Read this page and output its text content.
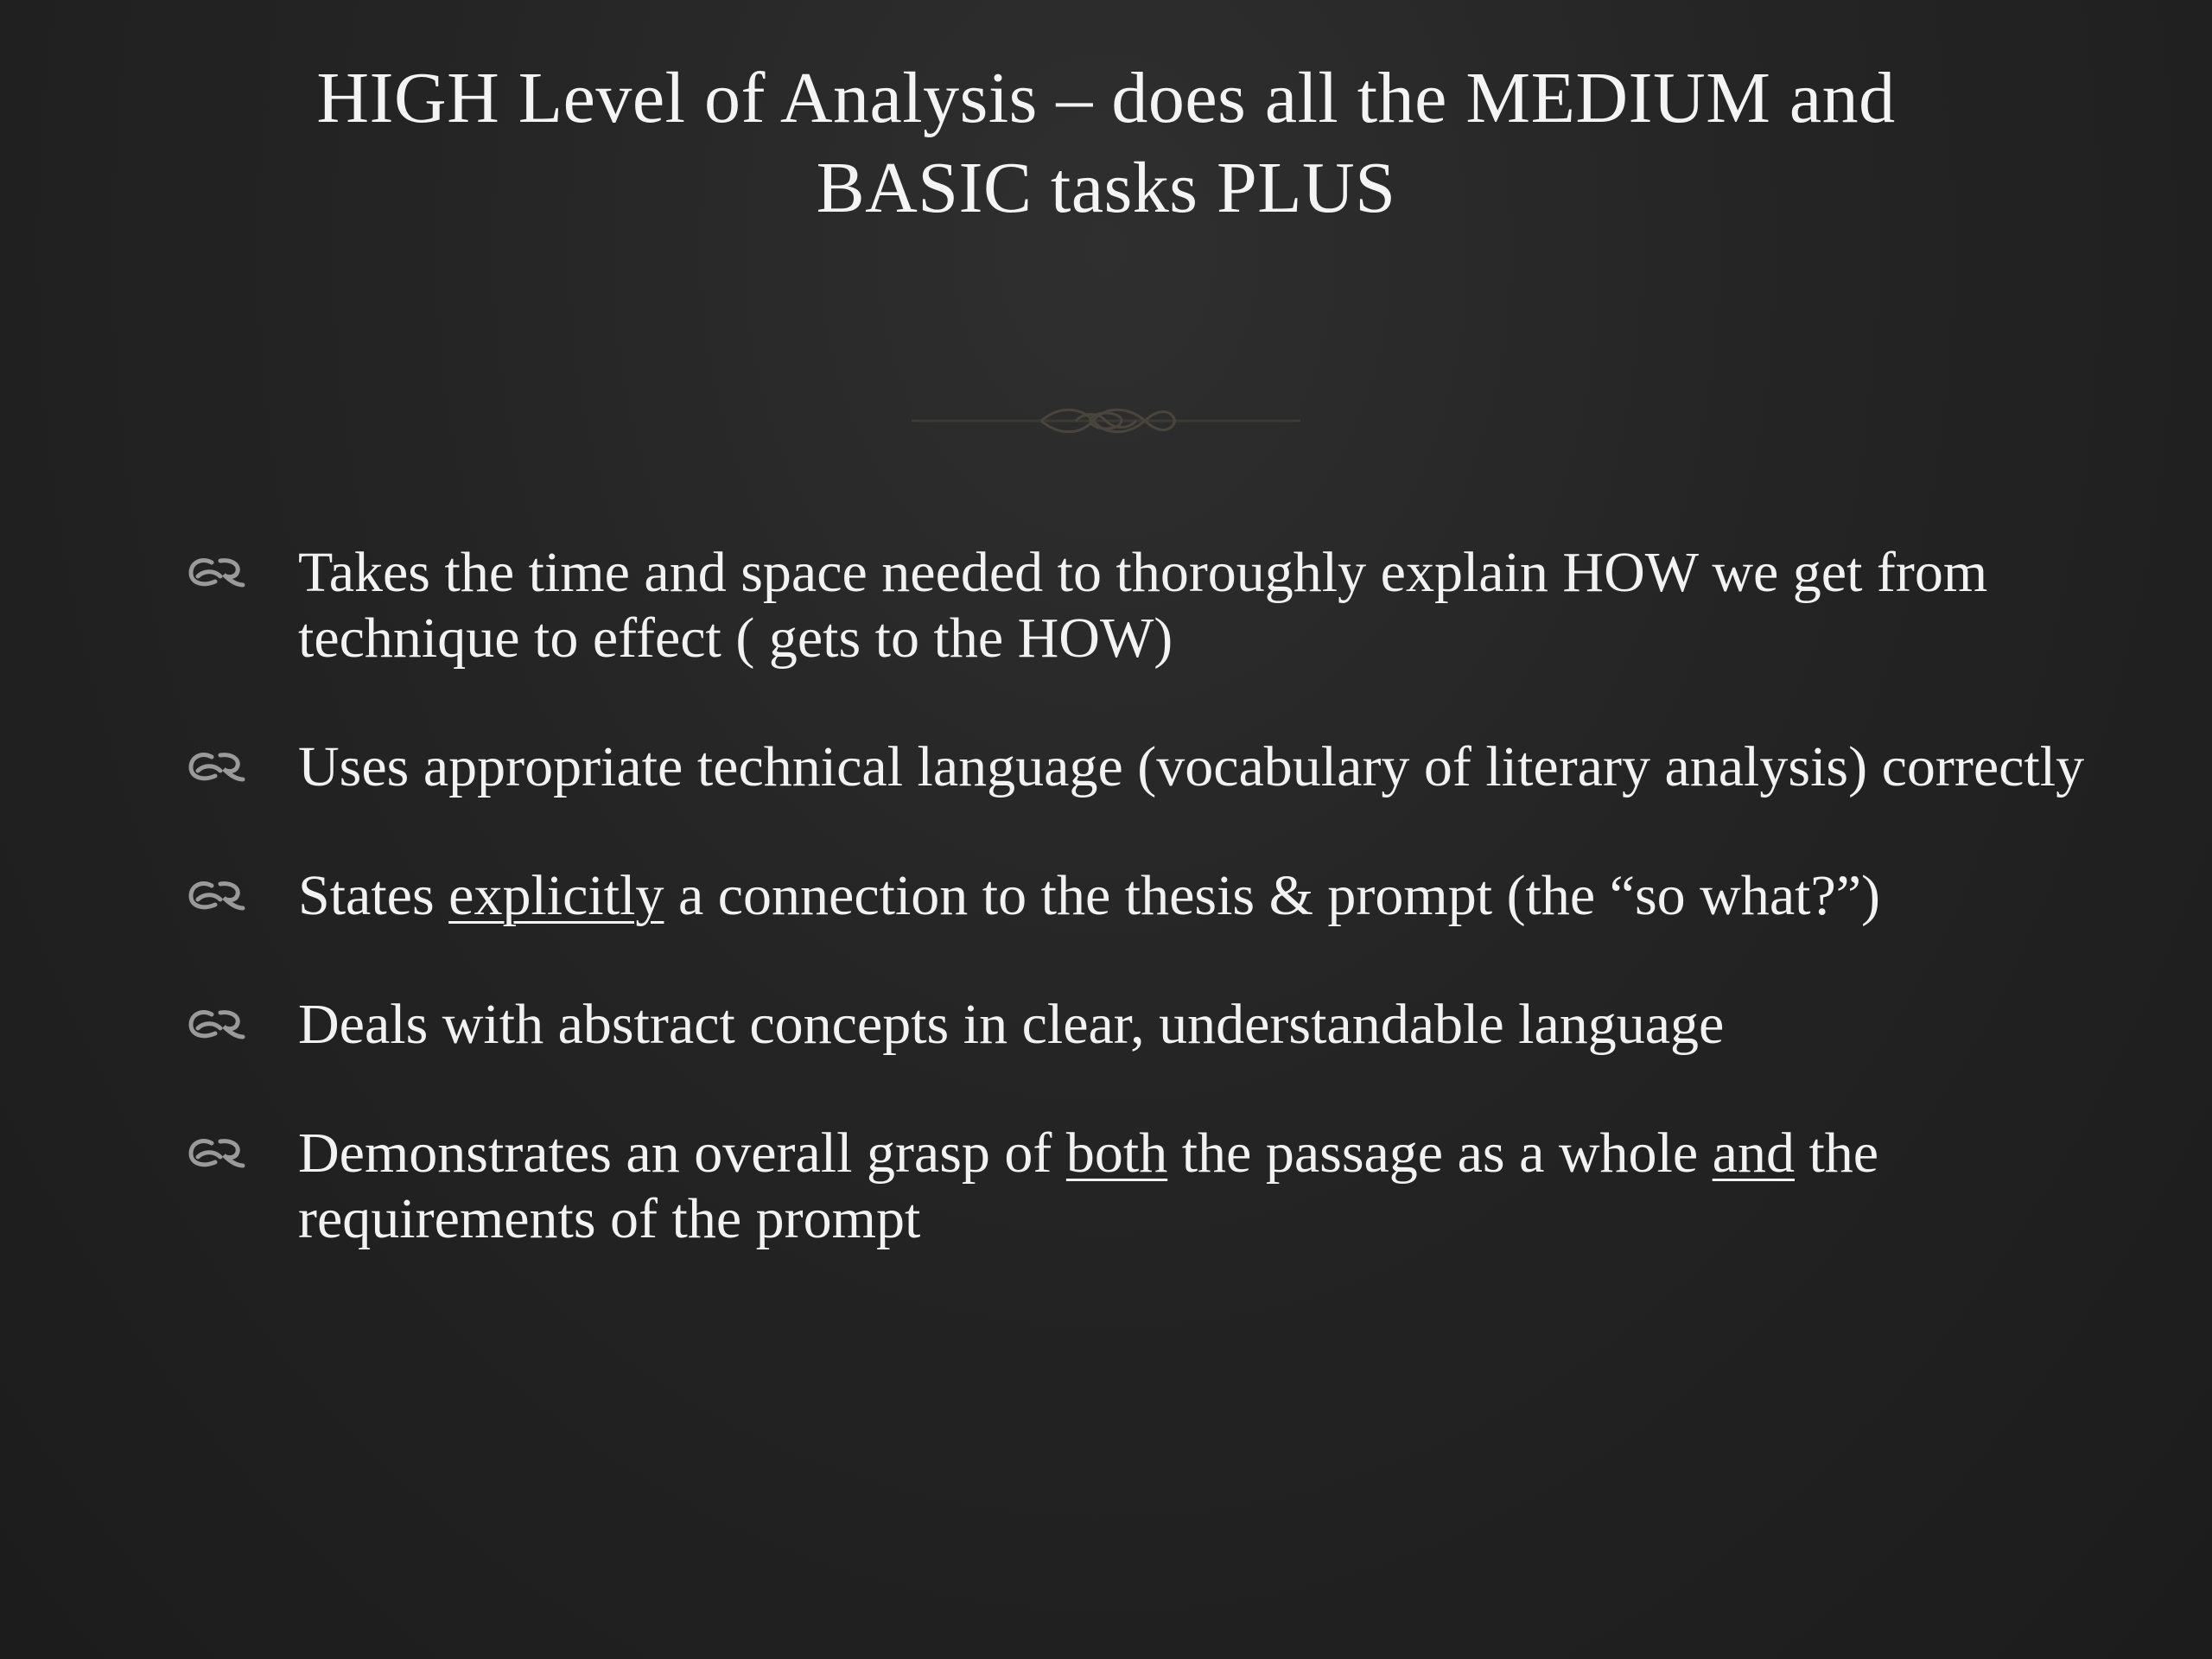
HIGH Level of Analysis – does all the MEDIUM and
BASIC tasks PLUS
Takes the time and space needed to thoroughly explain HOW we get from technique to effect ( gets to the HOW)
Uses appropriate technical language (vocabulary of literary analysis) correctly
States explicitly a connection to the thesis & prompt (the “so what?”)
Deals with abstract concepts in clear, understandable language
Demonstrates an overall grasp of both the passage as a whole and the requirements of the prompt
